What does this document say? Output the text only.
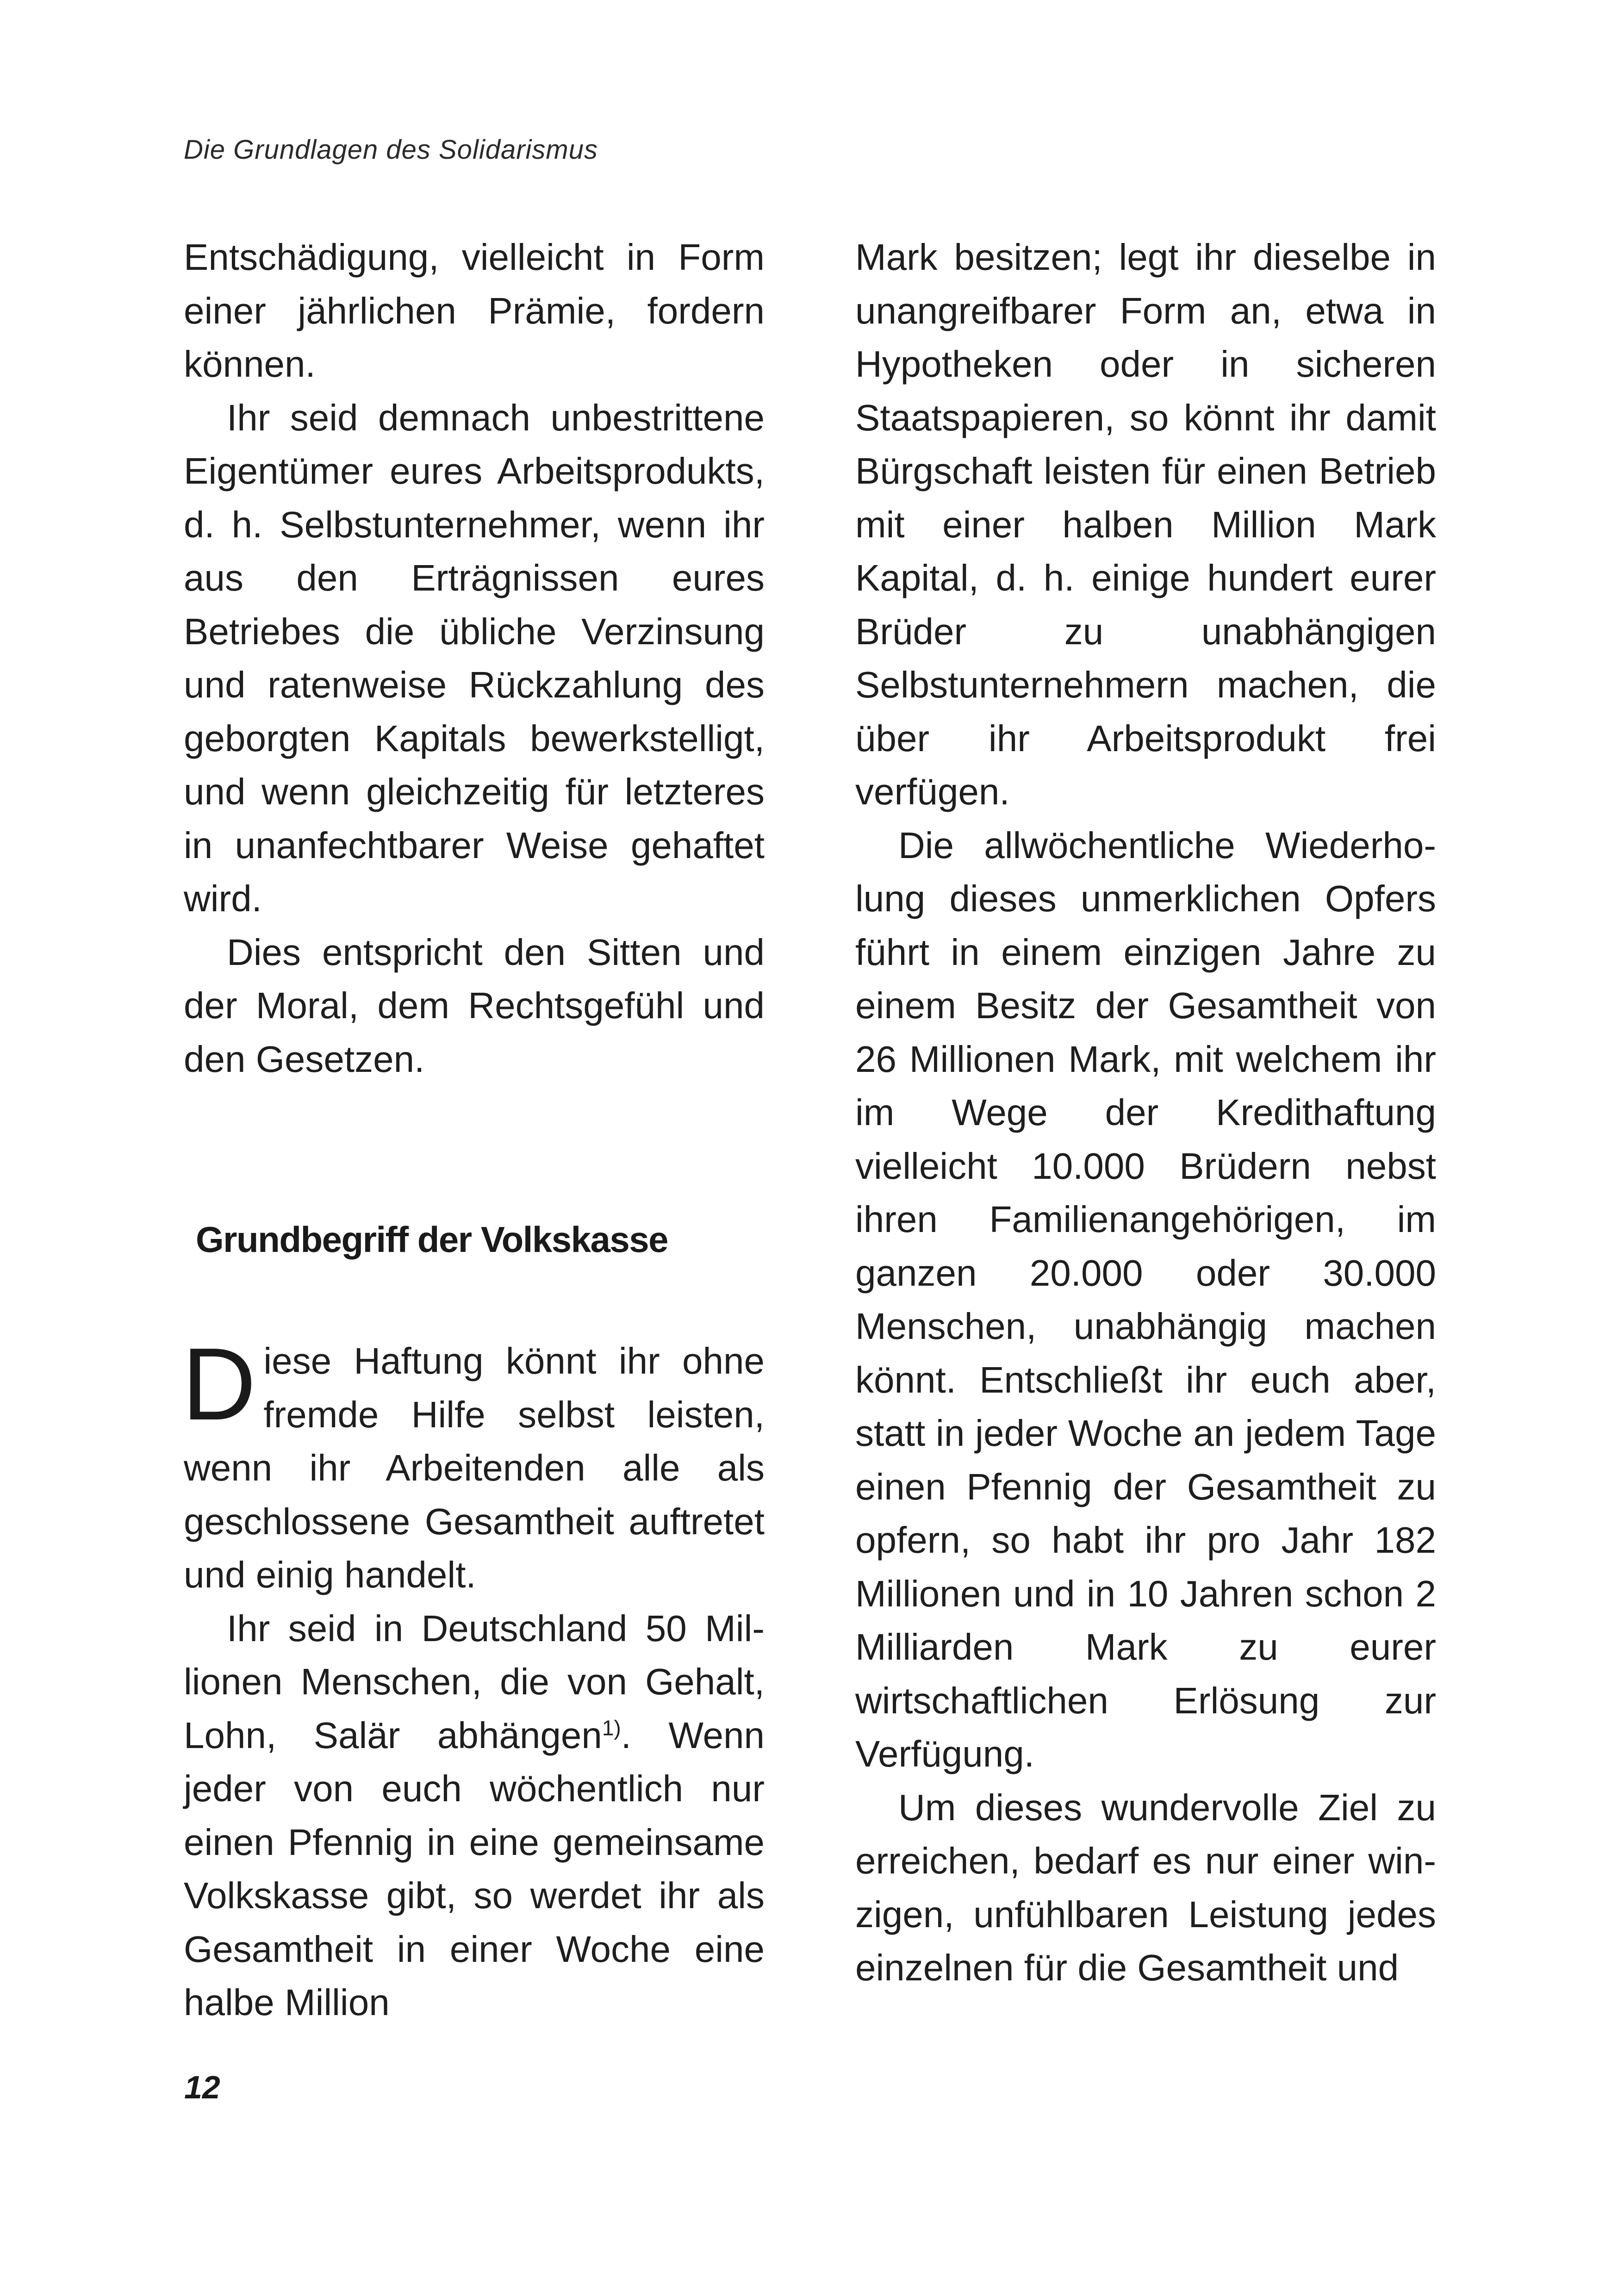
Die Grundlagen des Solidarismus

Entschädigung, vielleicht in Form einer jährlichen Prämie, fordern können.

Ihr seid demnach unbestrittene Eigentümer eures Arbeitsprodukts, d. h. Selbstunternehmer, wenn ihr aus den Erträgnissen eures Betriebes die übliche Verzinsung und ratenweise Rückzahlung des geborgten Kapitals bewerkstelligt, und wenn gleichzeitig für letzteres in unanfechtbarer Weise gehaftet wird.

Dies entspricht den Sitten und der Moral, dem Rechtsgefühl und den Gesetzen.

Grundbegriff der Volkskasse

Diese Haftung könnt ihr ohne fremde Hilfe selbst leisten, wenn ihr Arbeitenden alle als geschlossene Gesamtheit auftretet und einig handelt.

Ihr seid in Deutschland 50 Millionen Menschen, die von Gehalt, Lohn, Salär abhängen$^{1)}$. Wenn jeder von euch wöchentlich nur einen Pfennig in eine gemeinsame Volkskasse gibt, so werdet ihr als Gesamtheit in einer Woche eine halbe Million

Mark besitzen; legt ihr dieselbe in unangreifbarer Form an, etwa in Hypotheken oder in sicheren Staatspapieren, so könnt ihr damit Bürgschaft leisten für einen Betrieb mit einer halben Million Mark Kapital, d. h. einige hundert eurer Brüder zu unabhängigen Selbstunternehmern machen, die über ihr Arbeitsprodukt frei verfügen.

Die allwöchentliche Wiederholung dieses unmerklichen Opfers führt in einem einzigen Jahre zu einem Besitz der Gesamtheit von 26 Millionen Mark, mit welchem ihr im Wege der Kredithaftung vielleicht 10.000 Brüdern nebst ihren Familienangehörigen, im ganzen 20.000 oder 30.000 Menschen, unabhängig machen könnt. Entschließt ihr euch aber, statt in jeder Woche an jedem Tage einen Pfennig der Gesamtheit zu opfern, so habt ihr pro Jahr 182 Millionen und in 10 Jahren schon 2 Milliarden Mark zu eurer wirtschaftlichen Erlösung zur Verfügung.

Um dieses wundervolle Ziel zu erreichen, bedarf es nur einer winzigen, unfühlbaren Leistung jedes einzelnen für die Gesamtheit und

12
